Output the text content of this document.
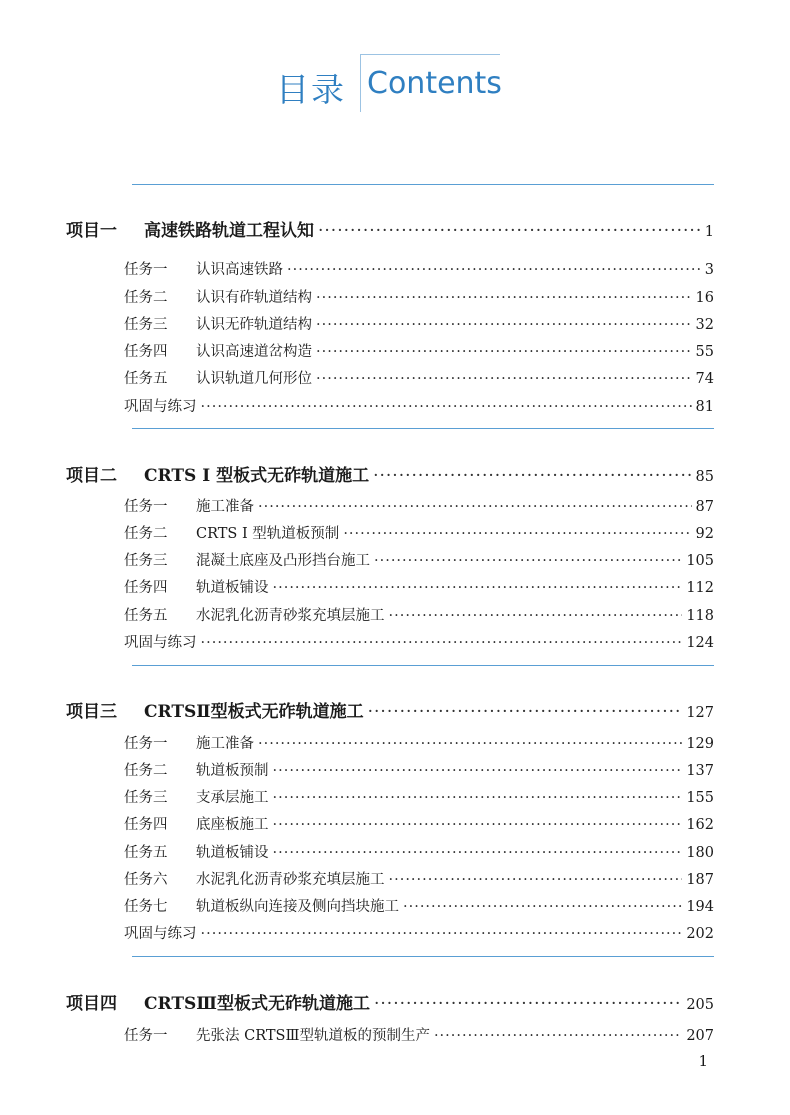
目录 Contents
项目一 高速铁路轨道工程认知 ·····	1
任务一 认识高速铁路 ·····	3
任务二 认识有砟轨道结构 ·····	16
任务三 认识无砟轨道结构 ·····	32
任务四 认识高速道岔构造 ·····	55
任务五 认识轨道几何形位 ·····	74
巩固与练习 ·····	81
项目二 CRTS Ⅰ 型板式无砟轨道施工 ·····	85
任务一 施工准备 ·····	87
任务二 CRTS Ⅰ 型轨道板预制 ·····	92
任务三 混凝土底座及凸形挡台施工 ·····	105
任务四 轨道板铺设 ·····	112
任务五 水泥乳化沥青砂浆充填层施工 ·····	118
巩固与练习 ·····	124
项目三 CRTSⅡ型板式无砟轨道施工 ·····	127
任务一 施工准备 ·····	129
任务二 轨道板预制 ·····	137
任务三 支承层施工 ·····	155
任务四 底座板施工 ·····	162
任务五 轨道板铺设 ·····	180
任务六 水泥乳化沥青砂浆充填层施工 ·····	187
任务七 轨道板纵向连接及侧向挡块施工 ·····	194
巩固与练习 ·····	202
项目四 CRTSⅢ型板式无砟轨道施工 ·····	205
任务一 先张法 CRTSⅢ型轨道板的预制生产 ·····	207
1
